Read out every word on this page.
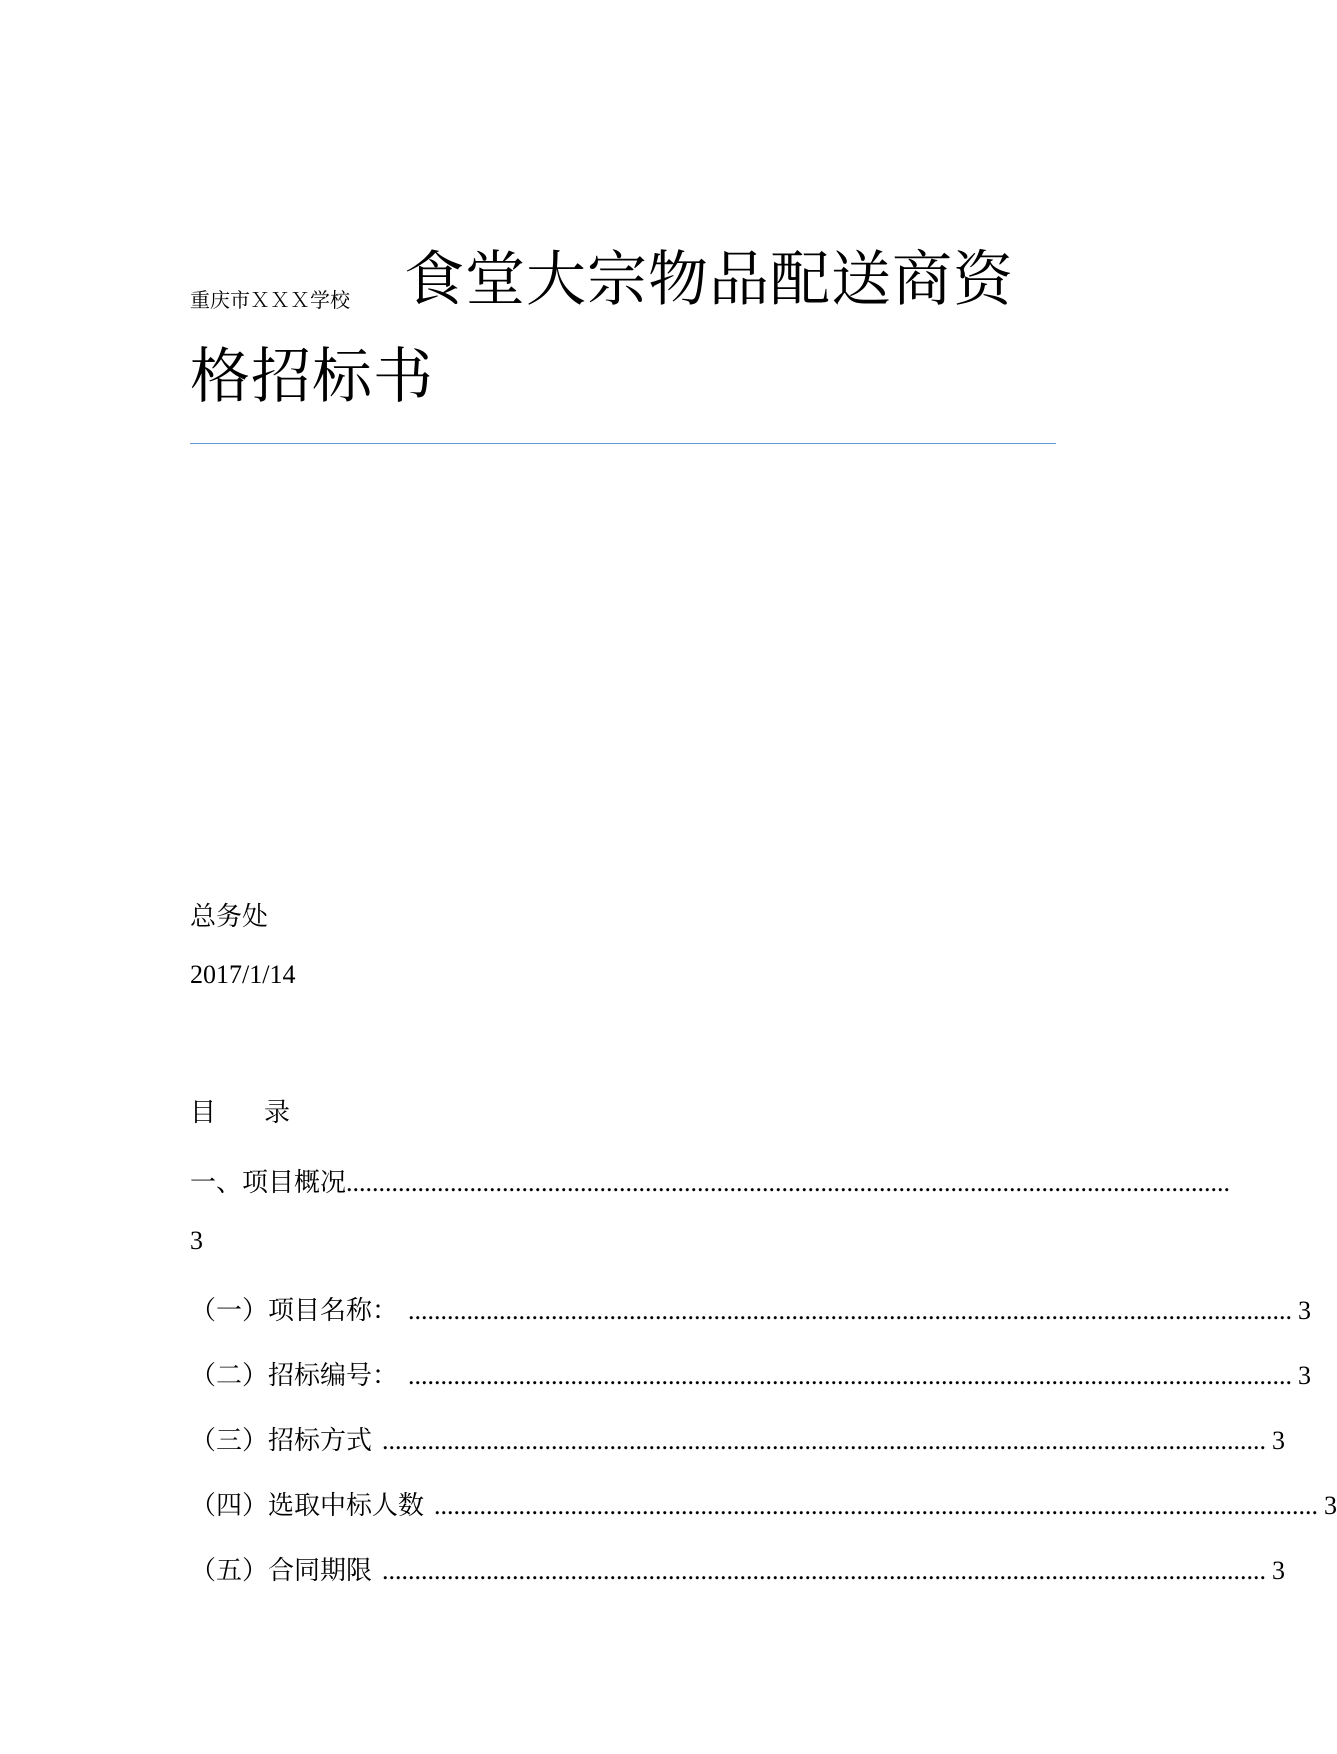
重庆市ＸＸＸ学校 食堂大宗物品配送商资
格招标书
总务处
2017/1/14
目 录
一、项目概况........................................................................................................................................
3
（一）项目名称： ........................................................................................................................................ 3
（二）招标编号： ........................................................................................................................................ 3
（三）招标方式 ........................................................................................................................................ 3
（四）选取中标人数 ........................................................................................................................................ 3
（五）合同期限 ........................................................................................................................................ 3
